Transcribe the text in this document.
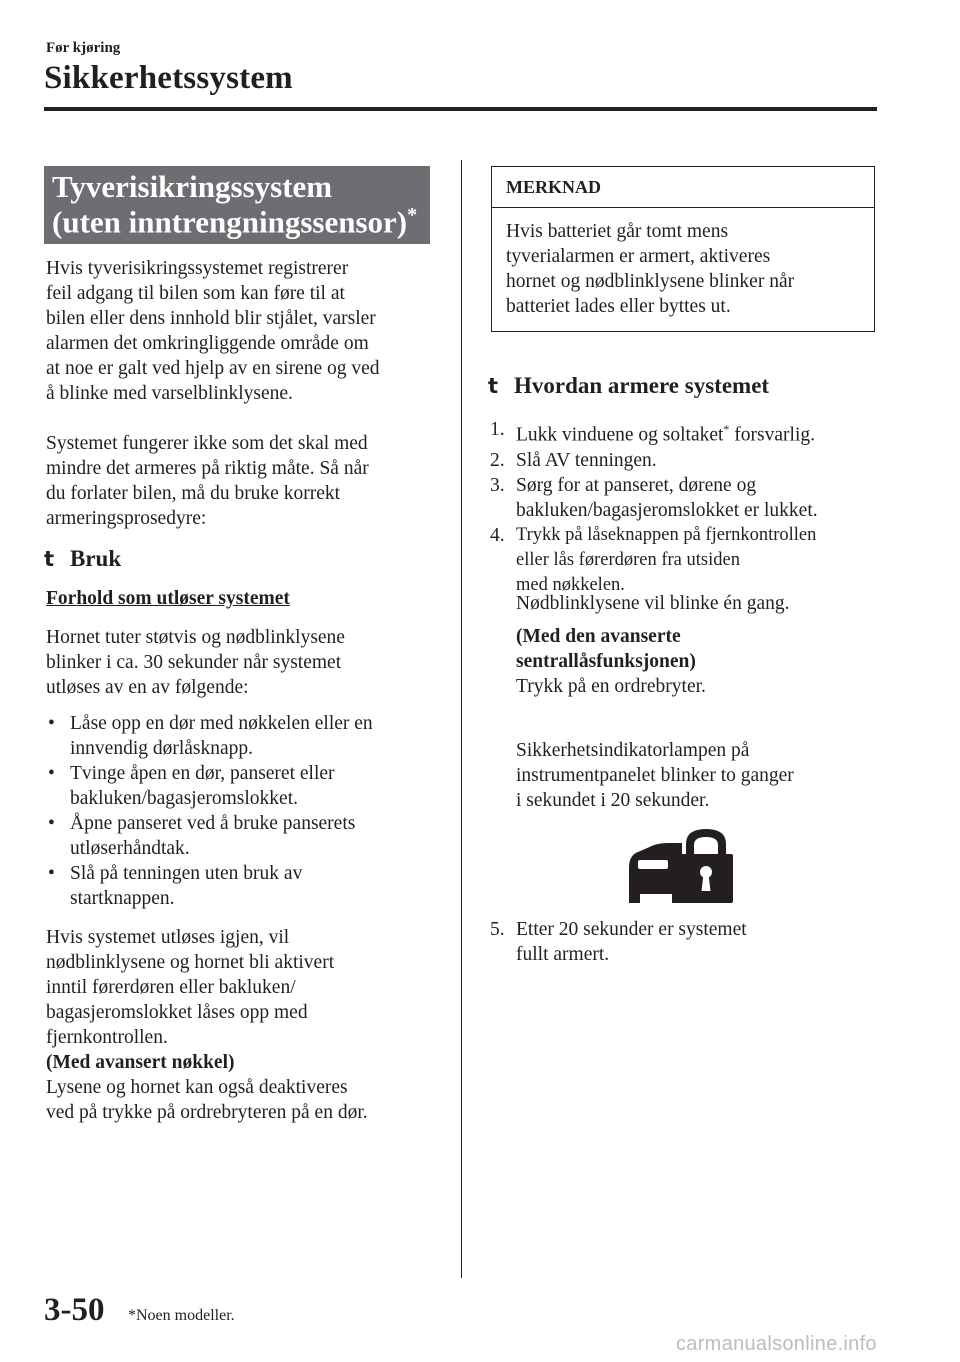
Før kjøring
Sikkerhetssystem
Tyverisikringssystem
(uten inntrengningssensor)*
Hvis tyverisikringssystemet registrerer
feil adgang til bilen som kan føre til at
bilen eller dens innhold blir stjålet, varsler
alarmen det omkringliggende område om
at noe er galt ved hjelp av en sirene og ved
å blinke med varselblinklysene.
Systemet fungerer ikke som det skal med
mindre det armeres på riktig måte. Så når
du forlater bilen, må du bruke korrekt
armeringsprosedyre:
t Bruk
Forhold som utløser systemet
Hornet tuter støtvis og nødblinklysene
blinker i ca. 30 sekunder når systemet
utløses av en av følgende:
• Låse opp en dør med nøkkelen eller en
innvendig dørlåsknapp.
• Tvinge åpen en dør, panseret eller
bakluken/bagasjeromslokket.
• Åpne panseret ved å bruke panserets
utløserhåndtak.
• Slå på tenningen uten bruk av
startknappen.
Hvis systemet utløses igjen, vil
nødblinklysene og hornet bli aktivert
inntil førerdøren eller bakluken/
bagasjeromslokket låses opp med
fjernkontrollen.
(Med avansert nøkkel)
Lysene og hornet kan også deaktiveres
ved på trykke på ordrebryteren på en dør.
MERKNAD
Hvis batteriet går tomt mens
tyverialarmen er armert, aktiveres
hornet og nødblinklysene blinker når
batteriet lades eller byttes ut.
t Hvordan armere systemet
1. Lukk vinduene og soltaket* forsvarlig.
2. Slå AV tenningen.
3. Sørg for at panseret, dørene og
bakluken/bagasjeromslokket er lukket.
4. Trykk på låseknappen på fjernkontrollen
eller lås førerdøren fra utsiden
med nøkkelen.
Nødblinklysene vil blinke én gang.
(Med den avanserte
sentrallåsfunksjonen)
Trykk på en ordrebryter.
Sikkerhetsindikatorlampen på
instrumentpanelet blinker to ganger
i sekundet i 20 sekunder.
5. Etter 20 sekunder er systemet
fullt armert.
3-50 *Noen modeller.
carmanualsonline.info
